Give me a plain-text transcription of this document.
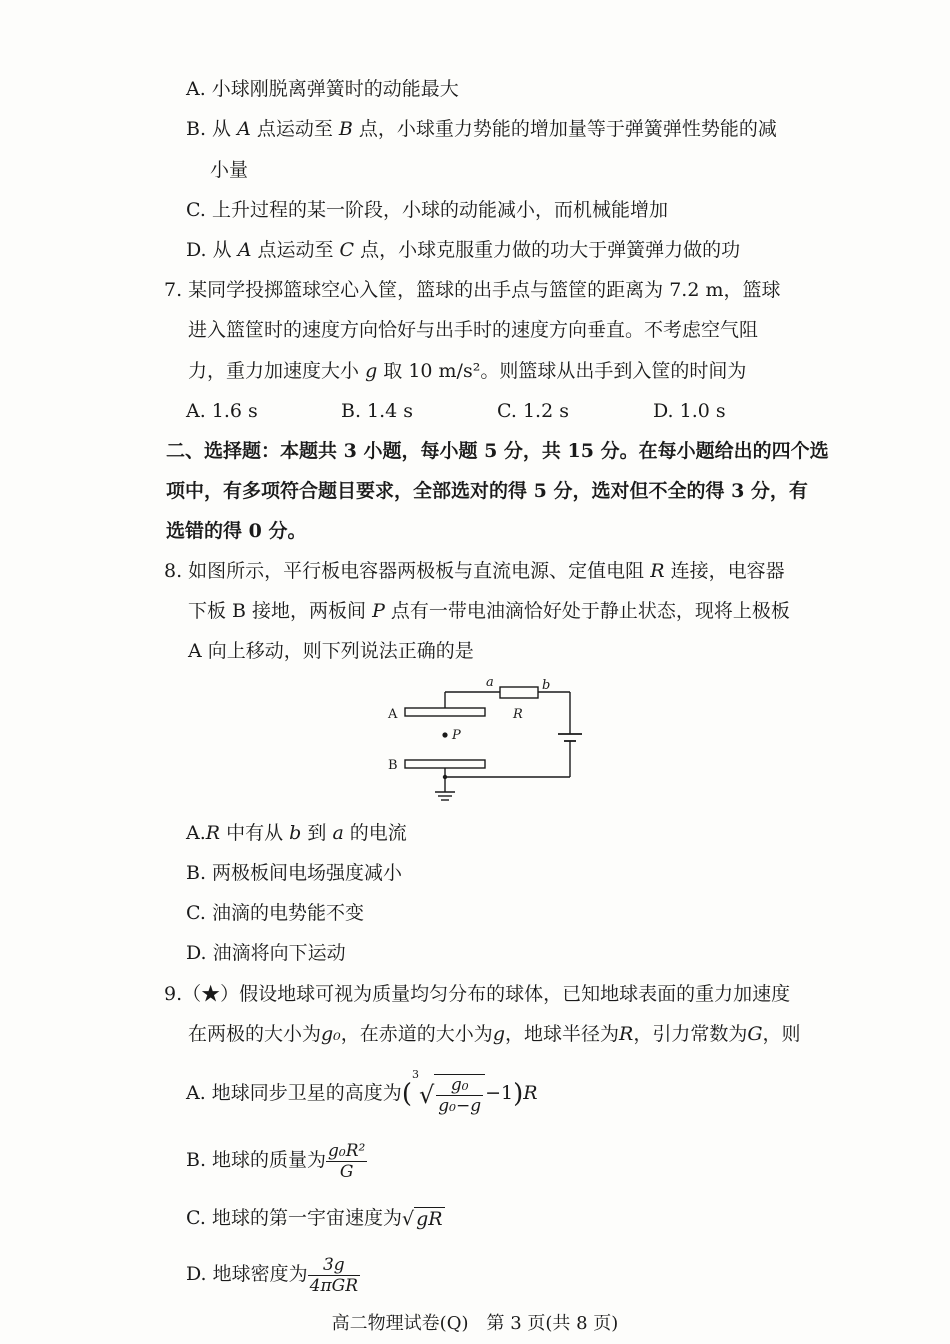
A. 小球刚脱离弹簧时的动能最大
B. 从 A 点运动至 B 点，小球重力势能的增加量等于弹簧弹性势能的减
小量
C. 上升过程的某一阶段，小球的动能减小，而机械能增加
D. 从 A 点运动至 C 点，小球克服重力做的功大于弹簧弹力做的功
7. 某同学投掷篮球空心入筐，篮球的出手点与篮筐的距离为 7.2 m，篮球
进入篮筐时的速度方向恰好与出手时的速度方向垂直。不考虑空气阻
力，重力加速度大小 g 取 10 m/s²。则篮球从出手到入筐的时间为
A. 1.6 s	B. 1.4 s	C. 1.2 s	D. 1.0 s
二、选择题：本题共 3 小题，每小题 5 分，共 15 分。在每小题给出的四个选
项中，有多项符合题目要求，全部选对的得 5 分，选对但不全的得 3 分，有
选错的得 0 分。
8. 如图所示，平行板电容器两极板与直流电源、定值电阻 R 连接，电容器
下板 B 接地，两板间 P 点有一带电油滴恰好处于静止状态，现将上极板
A 向上移动，则下列说法正确的是
a	b
R
A
P
B
A.R 中有从 b 到 a 的电流
B. 两极板间电场强度减小
C. 油滴的电势能不变
D. 油滴将向下运动
9.（★）假设地球可视为质量均匀分布的球体，已知地球表面的重力加速度
在两极的大小为g₀，在赤道的大小为g，地球半径为R，引力常数为G，则
A. 地球同步卫星的高度为$(^3√ \frac{\text{g₀}}{\text{g₀−g}} -1)R$
B. 地球的质量为 $\frac{\text{g₀R²}}{G}$
C. 地球的第一宇宙速度为√ gR
D. 地球密度为 $\frac{3g}{\text{4πGR}}$
高二物理试卷(Q)　第 3 页(共 8 页)
